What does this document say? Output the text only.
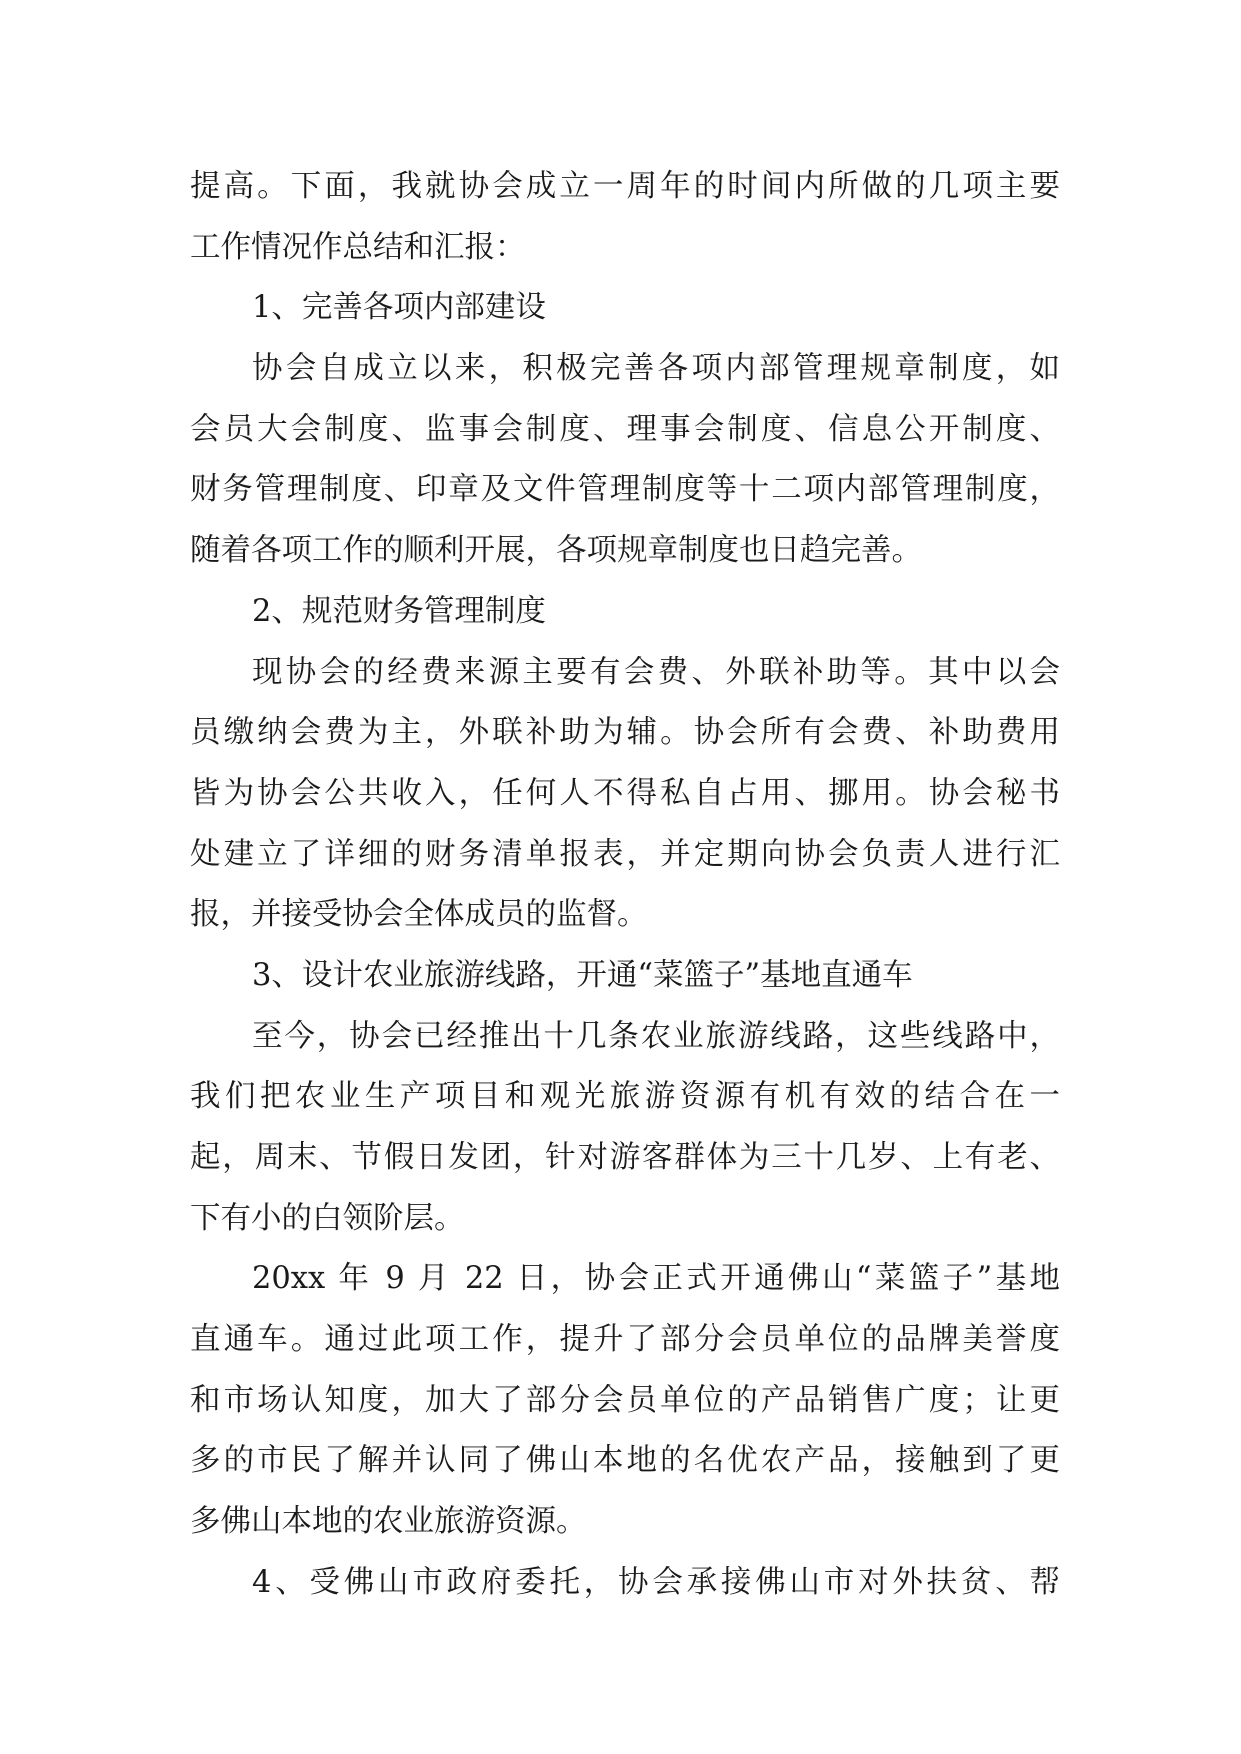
提高。下面，我就协会成立一周年的时间内所做的几项主要
工作情况作总结和汇报：
1、完善各项内部建设
协会自成立以来，积极完善各项内部管理规章制度，如
会员大会制度、监事会制度、理事会制度、信息公开制度、
财务管理制度、印章及文件管理制度等十二项内部管理制度，
随着各项工作的顺利开展，各项规章制度也日趋完善。
2、规范财务管理制度
现协会的经费来源主要有会费、外联补助等。其中以会
员缴纳会费为主，外联补助为辅。协会所有会费、补助费用
皆为协会公共收入，任何人不得私自占用、挪用。协会秘书
处建立了详细的财务清单报表，并定期向协会负责人进行汇
报，并接受协会全体成员的监督。
3、设计农业旅游线路，开通“菜篮子”基地直通车
至今，协会已经推出十几条农业旅游线路，这些线路中，
我们把农业生产项目和观光旅游资源有机有效的结合在一
起，周末、节假日发团，针对游客群体为三十几岁、上有老、
下有小的白领阶层。
20xx 年 9 月 22 日，协会正式开通佛山“菜篮子”基地
直通车。通过此项工作，提升了部分会员单位的品牌美誉度
和市场认知度，加大了部分会员单位的产品销售广度；让更
多的市民了解并认同了佛山本地的名优农产品，接触到了更
多佛山本地的农业旅游资源。
4、受佛山市政府委托，协会承接佛山市对外扶贫、帮
